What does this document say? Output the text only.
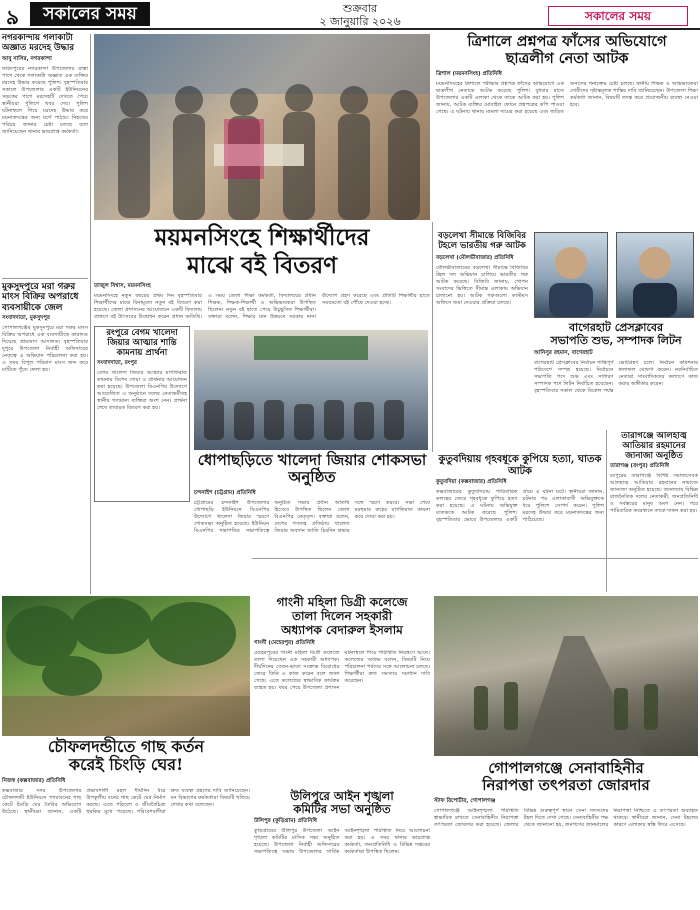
৯	সকালের সময়	শুক্রবার
২ জানুয়ারি ২০২৬	সকালের সময়
নগরকান্দায় গলাকাটা অজ্ঞাত মরদেহ উদ্ধার
আবু নাসির, নগরকান্দা
ফরিদপুরের নগরকান্দা উপজেলায় রাস্তা পাশে থেকে গলাকাটা অজ্ঞাত এক ব্যক্তির মরদেহ উদ্ধার করেছে পুলিশ। বৃহস্পতিবার সকালে উপজেলার একটি ইউনিয়নের সড়কের পাশে মরদেহটি দেখতে পেয়ে স্থানীয়রা পুলিশে খবর দেয়। পুলিশ ঘটনাস্থলে গিয়ে মরদেহ উদ্ধার করে ময়নাতদন্তের জন্য মর্গে পাঠায়। নিহতের পরিচয় জানার চেষ্টা চলছে বলে জানিয়েছেন থানার ভারপ্রাপ্ত কর্মকর্তা।
মুকসুদপুরে মরা গরুর মাংস বিক্রির অপরাধে ব্যবসায়ীকে জেল
সংবাদদাতা, মুকসুদপুর
গোপালগঞ্জের মুকসুদপুরে মরা গরুর মাংস বিক্রির অপরাধে এক ব্যবসায়ীকে কারাদণ্ড দিয়েছে ভ্রাম্যমাণ আদালত। বৃহস্পতিবার দুপুরে উপজেলা নির্বাহী অফিসারের নেতৃত্বে এ অভিযান পরিচালনা করা হয়। এ সময় বিপুল পরিমাণ মাংস জব্দ করে মাটিতে পুঁতে ফেলা হয়।
ত্রিশালে প্রশ্নপত্র ফাঁসের অভিযোগে
ছাত্রলীগ নেতা আটক
ত্রিশাল (ময়মনসিংহ) প্রতিনিধি
ময়মনসিংহের ত্রিশালে পরীক্ষার প্রশ্নপত্র ফাঁসের অভিযোগে এক ছাত্রলীগ নেতাকে আটক করেছে পুলিশ। বুধবার রাতে উপজেলার একটি এলাকা থেকে তাকে আটক করা হয়। পুলিশ জানায়, আটক ব্যক্তির মোবাইল ফোনে প্রশ্নপত্রের কপি পাওয়া গেছে। এ ঘটনায় থানায় মামলা দায়ের করা হয়েছে এবং জড়িত অন্যদের শনাক্তের চেষ্টা চলছে। স্থানীয় শিক্ষক ও অভিভাবকরা দোষীদের দৃষ্টান্তমূলক শাস্তির দাবি জানিয়েছেন। উপজেলা শিক্ষা কর্মকর্তা জানান, বিষয়টি তদন্ত করে প্রয়োজনীয় ব্যবস্থা নেওয়া হবে।
ময়মনসিংহে শিক্ষার্থীদের
মাঝে বই বিতরণ
তাজুল বিশ্বাস, ময়মনসিংহ
ময়মনসিংহে নতুন বছরের প্রথম দিন বৃহস্পতিবার শিক্ষার্থীদের মাঝে বিনামূল্যে নতুন বই বিতরণ করা হয়েছে। জেলা প্রশাসনের আয়োজনে একটি বিদ্যালয় প্রাঙ্গণে বই উৎসবের উদ্বোধন করেন প্রধান অতিথি। এ সময় জেলা শিক্ষা কর্মকর্তা, বিদ্যালয়ের প্রধান শিক্ষক, শিক্ষক-শিক্ষার্থী ও অভিভাবকরা উপস্থিত ছিলেন। নতুন বই হাতে পেয়ে উচ্ছ্বসিত শিক্ষার্থীরা। বক্তারা বলেন, শিক্ষার মান উন্নয়নে সরকার নানা উদ্যোগ গ্রহণ করেছে এবং প্রতিটি শিক্ষার্থীর হাতে সময়মতো বই পৌঁছে দেওয়া হচ্ছে।
বড়লেখা সীমান্তে বিজিবির টহলে ভারতীয় গরু আটক
বড়লেখা (মৌলভীবাজার) প্রতিনিধি
মৌলভীবাজারের বড়লেখা সীমান্তে বিজিবির টহল দল অভিযান চালিয়ে ভারতীয় গরু আটক করেছে। বিজিবি জানায়, গোপন সংবাদের ভিত্তিতে সীমান্ত এলাকায় অভিযান চালানো হয়। আটক গরুগুলো কাস্টমস অফিসে জমা দেওয়ার প্রক্রিয়া চলছে।
বাগেরহাট প্রেসক্লাবের
সভাপতি শুভ, সম্পাদক লিটন
আনিসুর রহমান, বাগেরহাট
বাগেরহাট প্রেসক্লাবের নির্বাচন শান্তিপূর্ণ পরিবেশে সম্পন্ন হয়েছে। নির্বাচনে সভাপতি পদে শুভ এবং সাধারণ সম্পাদক পদে লিটন নির্বাচিত হয়েছেন। বৃহস্পতিবার সকাল থেকে বিকেল পর্যন্ত ভোটগ্রহণ চলে। নির্বাচন কমিশনার ফলাফল ঘোষণা করেন। নবনির্বাচিত নেতারা সাংবাদিকদের কল্যাণে কাজ করার অঙ্গীকার করেন।
রংপুরে বেগম খালেদা জিয়ার আত্মার শান্তি কামনায় প্রার্থনা
সংবাদদাতা, রংপুর
বেগম খালেদা জিয়ার আত্মার মাগফিরাত কামনায় বিশেষ দোয়া ও প্রার্থনার আয়োজন করা হয়েছে। উপজেলা বিএনপির উদ্যোগে আয়োজিত এ অনুষ্ঠানে দলের নেতাকর্মীসহ স্থানীয় গণ্যমান্য ব্যক্তিরা অংশ নেন। প্রার্থনা শেষে তাবারক বিতরণ করা হয়।
ধোপাছড়িতে খালেদা জিয়ার শোকসভা অনুষ্ঠিত
চন্দনাইশ (চট্টগ্রাম) প্রতিনিধি
চট্টগ্রামের চন্দনাইশ উপজেলার ধোপাছড়ি ইউনিয়নে বিএনপির উদ্যোগে খালেদা জিয়ার স্মরণে শোকসভা অনুষ্ঠিত হয়েছে। ইউনিয়ন বিএনপির সভাপতির সভাপতিত্বে অনুষ্ঠিত সভায় প্রধান অতিথি হিসেবে উপস্থিত ছিলেন জেলা বিএনপির নেতৃবৃন্দ। বক্তারা বলেন, দেশের গণতন্ত্র প্রতিষ্ঠায় খালেদা জিয়ার অবদান জাতি চিরদিন শ্রদ্ধার সঙ্গে স্মরণ করবে। সভা শেষে মরহুমার রুহের মাগফিরাত কামনা করে দোয়া করা হয়।
কুতুবদিয়ায় গৃহবধূকে কুপিয়ে হত্যা, ঘাতক আটক
কুতুবদিয়া (কক্সবাজার) প্রতিনিধি
কক্সবাজারের কুতুবদিয়ায় পারিবারিক কলহের জেরে গৃহবধূকে কুপিয়ে হত্যা করা হয়েছে। এ ঘটনায় অভিযুক্ত ঘাতককে আটক করেছে পুলিশ। বৃহস্পতিবার ভোরে উপজেলার একটি গ্রামে এ ঘটনা ঘটে। স্থানীয়রা জানান, ঘটনার পর এলাকাবাসী অভিযুক্তকে ধরে পুলিশে সোপর্দ করেন। পুলিশ মরদেহ উদ্ধার করে ময়নাতদন্তের জন্য পাঠিয়েছে।
তারাগঞ্জে আলহাজ্ব আতিয়ার রহমানের জানাজা অনুষ্ঠিত
তারাগঞ্জ (রংপুর) প্রতিনিধি
রংপুরের তারাগঞ্জে বিশিষ্ট সমাজসেবক আলহাজ্ব আতিয়ার রহমানের নামাজে জানাজা অনুষ্ঠিত হয়েছে। জানাজায় বিভিন্ন রাজনৈতিক দলের নেতাকর্মী, জনপ্রতিনিধি ও সর্বস্তরের মানুষ অংশ নেন। পরে পারিবারিক কবরস্থানে তাকে দাফন করা হয়।
গাংনী মহিলা ডিগ্রী কলেজে
তালা দিলেন সহকারী
অধ্যাপক বেদারুল ইসলাম
গাংনী (মেহেরপুর) প্রতিনিধি
মেহেরপুরের গাংনী মহিলা ডিগ্রী কলেজে তালা দিয়েছেন এক সহকারী অধ্যাপক। দীর্ঘদিনের বেতন-ভাতা সংক্রান্ত বিরোধের জেরে তিনি এ কাজ করেন বলে জানা গেছে। এতে কলেজের স্বাভাবিক কার্যক্রম ব্যাহত হয়। খবর পেয়ে উপজেলা প্রশাসন ঘটনাস্থলে গিয়ে পরিস্থিতি নিয়ন্ত্রণে আনে। কলেজের অধ্যক্ষ বলেন, বিষয়টি নিয়ে পরিচালনা পর্ষদের সঙ্গে আলোচনা চলছে। শিক্ষার্থীরা দ্রুত সমস্যার সমাধান দাবি করেছেন।
চৌফলদন্ডীতে গাছ কর্তন
করেই চিংড়ি ঘের!
নিজস্ব (কক্সবাজার) প্রতিনিধি
কক্সবাজার সদর উপজেলার চৌফলদন্ডী ইউনিয়নে প্যারাবনের গাছ কেটে চিংড়ি ঘের তৈরির অভিযোগ উঠেছে। স্থানীয়রা জানান, একটি প্রভাবশালী মহল দীর্ঘদিন ধরে উপকূলীয় বনের গাছ কেটে ঘের নির্মাণ করছে। এতে পরিবেশ ও জীববৈচিত্র্য হুমকির মুখে পড়েছে। পরিবেশবাদীরা দ্রুত ব্যবস্থা গ্রহণের দাবি জানিয়েছেন। বন বিভাগের কর্মকর্তারা বিষয়টি খতিয়ে দেখার কথা বলেছেন।
উলিপুরে আইন শৃঙ্খলা
কমিটির সভা অনুষ্ঠিত
উলিপুর (কুড়িগ্রাম) প্রতিনিধি
কুড়িগ্রামের উলিপুর উপজেলা আইন শৃঙ্খলা কমিটির মাসিক সভা অনুষ্ঠিত হয়েছে। উপজেলা নির্বাহী অফিসারের সভাপতিত্বে সভায় উপজেলার সার্বিক আইনশৃঙ্খলা পরিস্থিতি নিয়ে আলোচনা করা হয়। এ সময় থানার ভারপ্রাপ্ত কর্মকর্তা, জনপ্রতিনিধি ও বিভিন্ন দপ্তরের কর্মকর্তারা উপস্থিত ছিলেন।
গোপালগঞ্জে সেনাবাহিনীর
নিরাপত্তা তৎপরতা জোরদার
স্টাফ রিপোর্টার, গোপালগঞ্জ
গোপালগঞ্জে আইনশৃঙ্খলা পরিস্থিতি স্বাভাবিক রাখতে সেনাবাহিনীর নিরাপত্তা তৎপরতা জোরদার করা হয়েছে। জেলার বিভিন্ন গুরুত্বপূর্ণ স্থানে সেনা সদস্যদের টহল দিতে দেখা গেছে। সেনাবাহিনীর পক্ষ থেকে জানানো হয়, জনগণের জানমালের নিরাপত্তা নিশ্চিতে এ তৎপরতা অব্যাহত থাকবে। স্থানীয়রা জানান, সেনা টহলের কারণে এলাকায় স্বস্তি ফিরে এসেছে।
